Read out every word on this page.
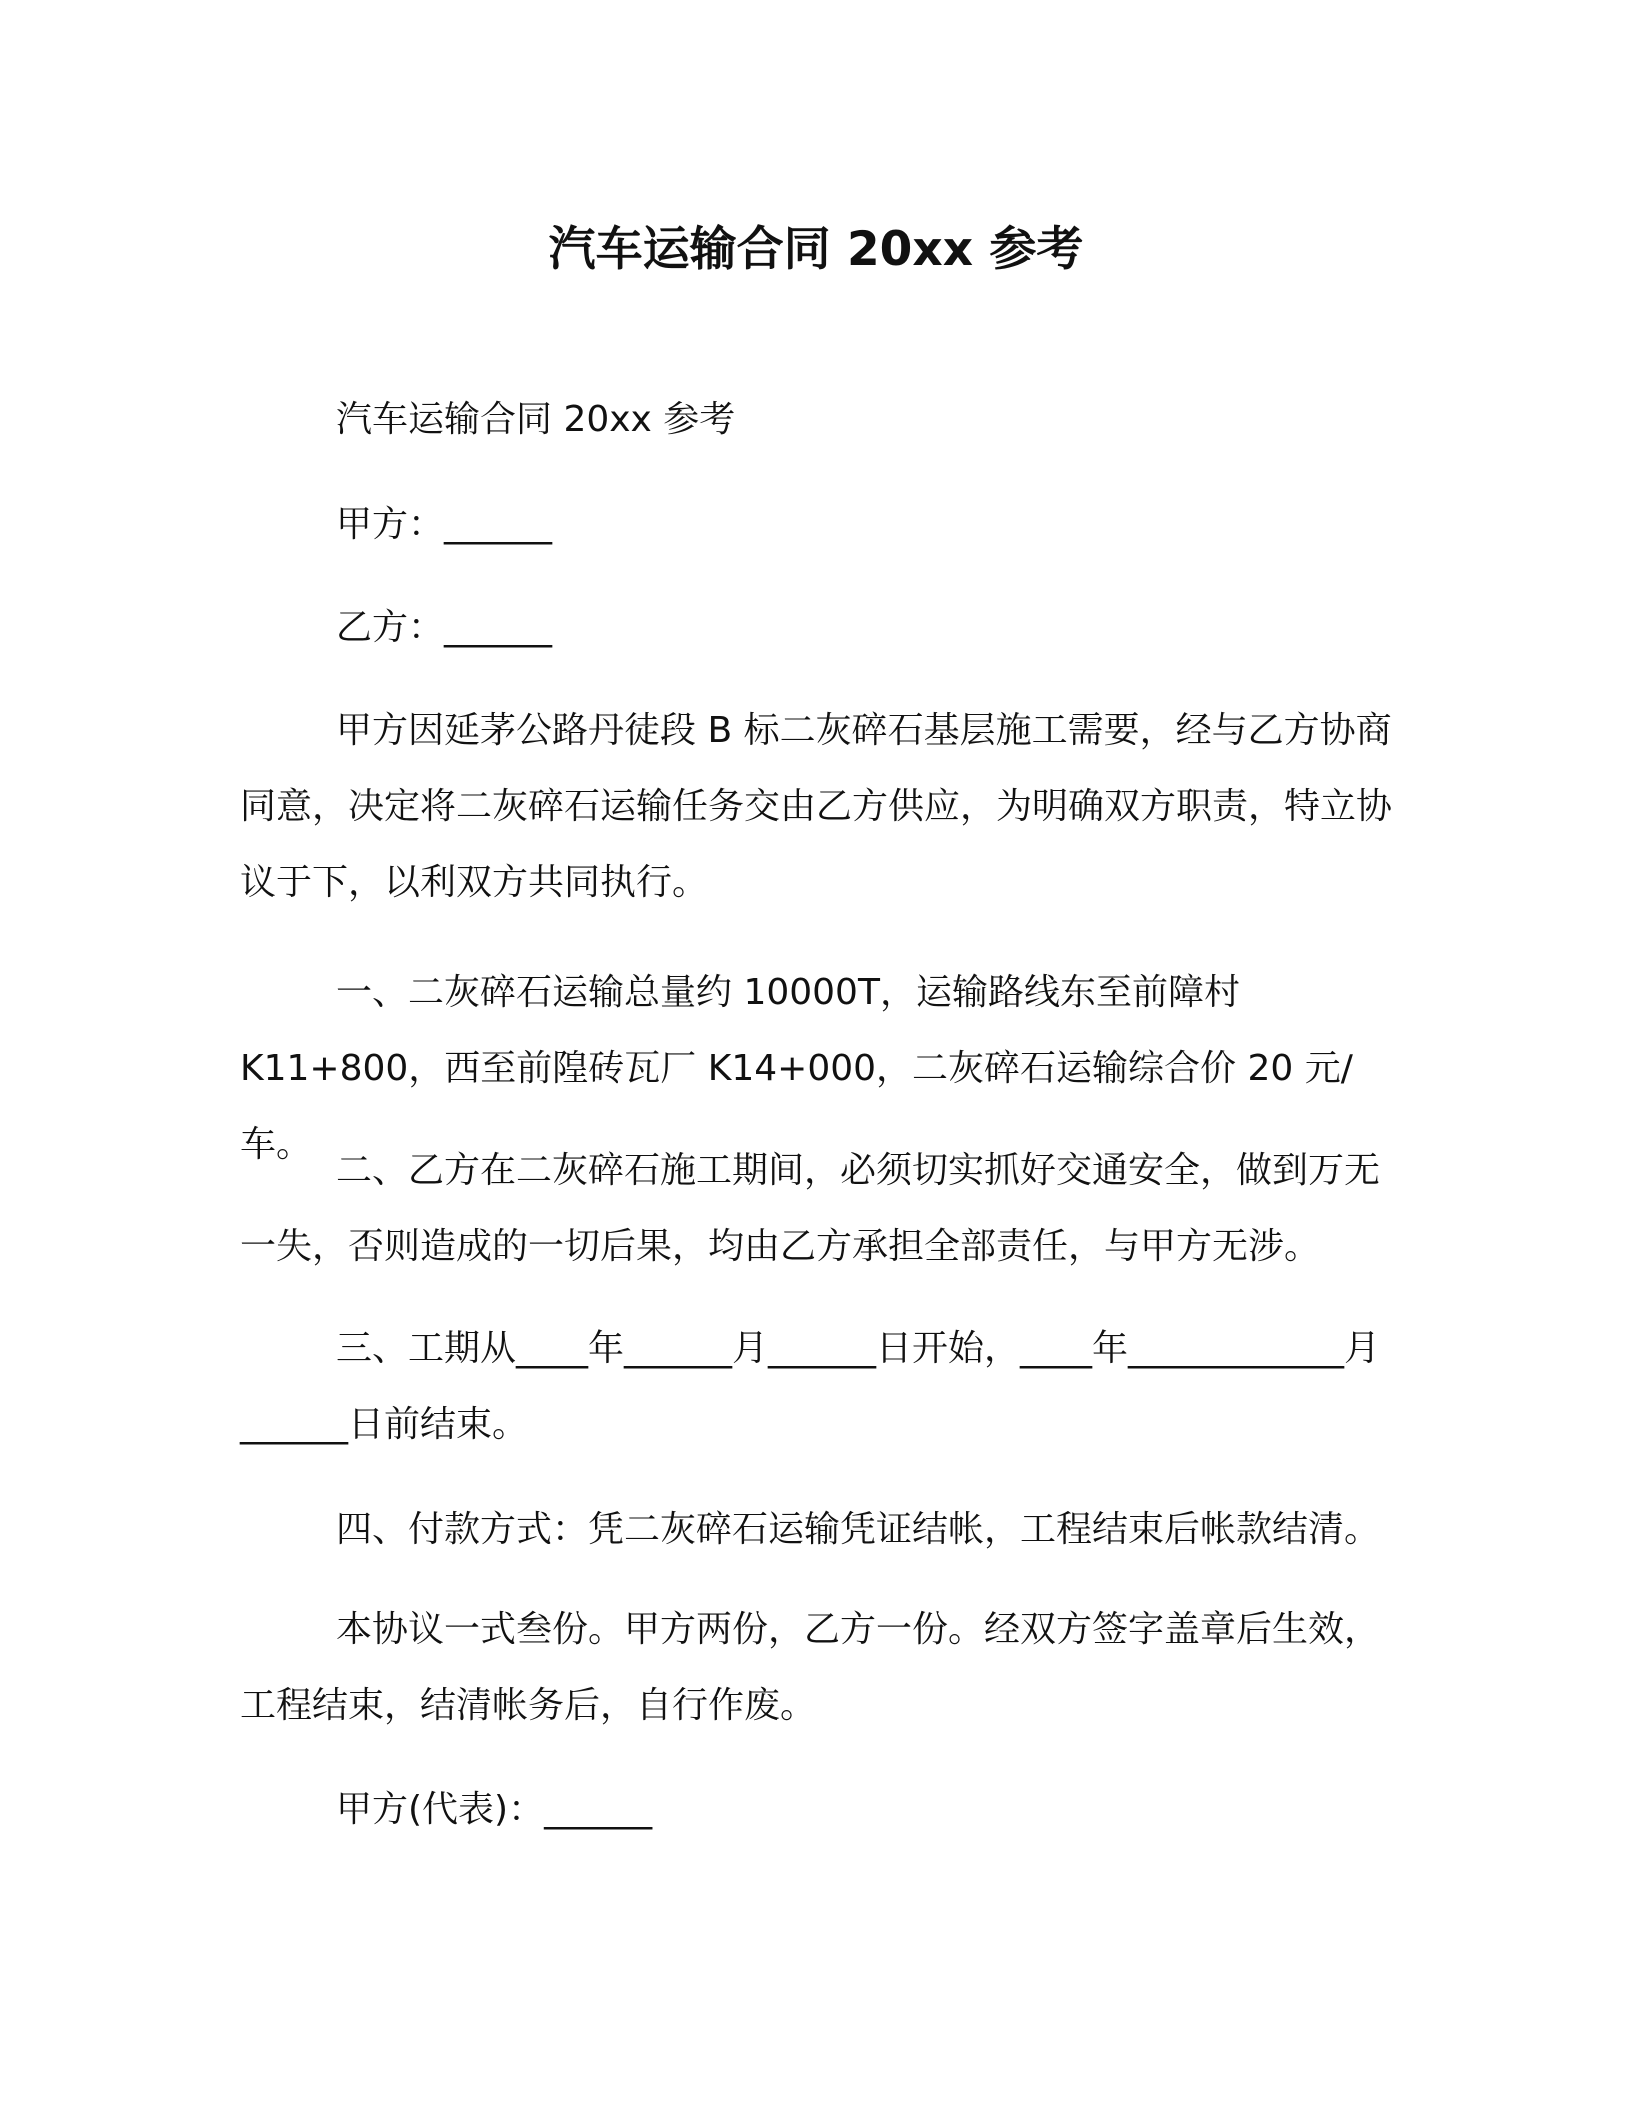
汽车运输合同 20xx 参考
汽车运输合同 20xx 参考
甲方：______
乙方：______
甲方因延茅公路丹徒段 B 标二灰碎石基层施工需要，经与乙方协商同意，决定将二灰碎石运输任务交由乙方供应，为明确双方职责，特立协议于下，以利双方共同执行。
一、二灰碎石运输总量约 10000T，运输路线东至前障村 K11+800，西至前隍砖瓦厂 K14+000，二灰碎石运输综合价 20 元/车。
二、乙方在二灰碎石施工期间，必须切实抓好交通安全，做到万无一失，否则造成的一切后果，均由乙方承担全部责任，与甲方无涉。
三、工期从____年______月______日开始，____年____________月______日前结束。
四、付款方式：凭二灰碎石运输凭证结帐，工程结束后帐款结清。
本协议一式叁份。甲方两份，乙方一份。经双方签字盖章后生效，工程结束，结清帐务后，自行作废。
甲方(代表)：______
